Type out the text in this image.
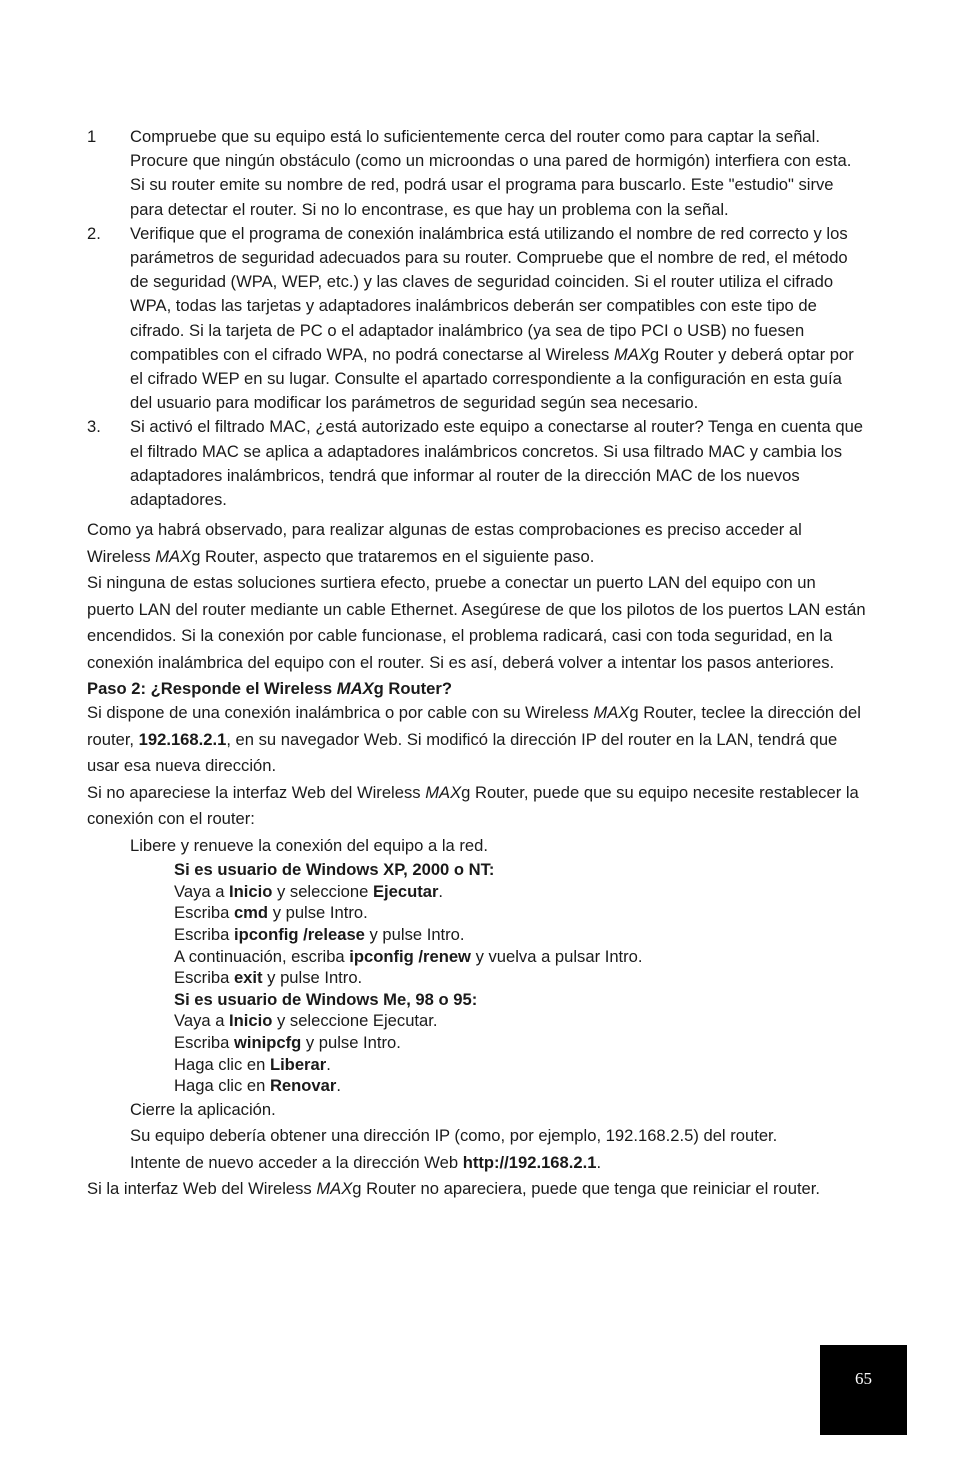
1	Compruebe que su equipo está lo suficientemente cerca del router como para captar la señal. Procure que ningún obstáculo (como un microondas o una pared de hormigón) interfiera con esta. Si su router emite su nombre de red, podrá usar el programa para buscarlo. Este "estudio" sirve para detectar el router. Si no lo encontrase, es que hay un problema con la señal.
2.	Verifique que el programa de conexión inalámbrica está utilizando el nombre de red correcto y los parámetros de seguridad adecuados para su router. Compruebe que el nombre de red, el método de seguridad (WPA, WEP, etc.) y las claves de seguridad coinciden. Si el router utiliza el cifrado WPA, todas las tarjetas y adaptadores inalámbricos deberán ser compatibles con este tipo de cifrado. Si la tarjeta de PC o el adaptador inalámbrico (ya sea de tipo PCI o USB) no fuesen compatibles con el cifrado WPA, no podrá conectarse al Wireless MAXg Router y deberá optar por el cifrado WEP en su lugar. Consulte el apartado correspondiente a la configuración en esta guía del usuario para modificar los parámetros de seguridad según sea necesario.
3.	Si activó el filtrado MAC, ¿está autorizado este equipo a conectarse al router? Tenga en cuenta que el filtrado MAC se aplica a adaptadores inalámbricos concretos. Si usa filtrado MAC y cambia los adaptadores inalámbricos, tendrá que informar al router de la dirección MAC de los nuevos adaptadores.

Como ya habrá observado, para realizar algunas de estas comprobaciones es preciso acceder al Wireless MAXg Router, aspecto que trataremos en el siguiente paso.

Si ninguna de estas soluciones surtiera efecto, pruebe a conectar un puerto LAN del equipo con un puerto LAN del router mediante un cable Ethernet. Asegúrese de que los pilotos de los puertos LAN están encendidos. Si la conexión por cable funcionase, el problema radicará, casi con toda seguridad, en la conexión inalámbrica del equipo con el router. Si es así, deberá volver a intentar los pasos anteriores.

Paso 2: ¿Responde el Wireless MAXg Router?

Si dispone de una conexión inalámbrica o por cable con su Wireless MAXg Router, teclee la dirección del router, 192.168.2.1, en su navegador Web. Si modificó la dirección IP del router en la LAN, tendrá que usar esa nueva dirección.

Si no apareciese la interfaz Web del Wireless MAXg Router, puede que su equipo necesite restablecer la conexión con el router:

Libere y renueve la conexión del equipo a la red.
Si es usuario de Windows XP, 2000 o NT:
Vaya a Inicio y seleccione Ejecutar.
Escriba cmd y pulse Intro.
Escriba ipconfig /release y pulse Intro.
A continuación, escriba ipconfig /renew y vuelva a pulsar Intro.
Escriba exit y pulse Intro.
Si es usuario de Windows Me, 98 o 95:
Vaya a Inicio y seleccione Ejecutar.
Escriba winipcfg y pulse Intro.
Haga clic en Liberar.
Haga clic en Renovar.
Cierre la aplicación.
Su equipo debería obtener una dirección IP (como, por ejemplo, 192.168.2.5) del router.
Intente de nuevo acceder a la dirección Web http://192.168.2.1.

Si la interfaz Web del Wireless MAXg Router no apareciera, puede que tenga que reiniciar el router.

65
